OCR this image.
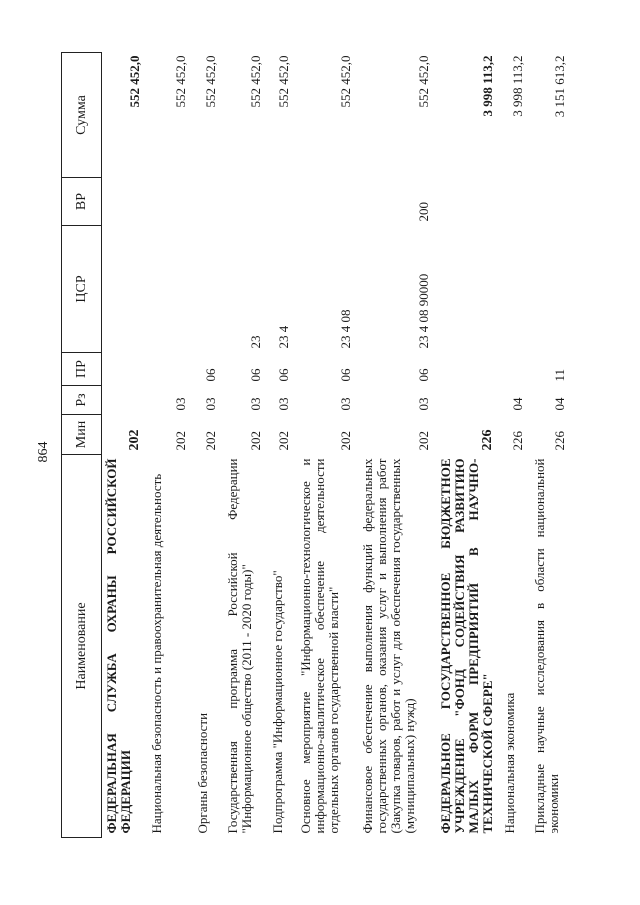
864
Наименование	Мин	Рз	ПР	ЦСР	ВР	Сумма
ФЕДЕРАЛЬНАЯ СЛУЖБА ОХРАНЫ РОССИЙСКОЙ ФЕДЕРАЦИИ	202					552 452,0
Национальная безопасность и правоохранительная деятельность	202	03				552 452,0
Органы безопасности	202	03	06			552 452,0
Государственная программа Российской Федерации "Информационное общество (2011 - 2020 годы)"	202	03	06	23		552 452,0
Подпрограмма "Информационное государство"	202	03	06	23 4		552 452,0
Основное мероприятие "Информационно-технологическое и информационно-аналитическое обеспечение деятельности отдельных органов государственной власти"	202	03	06	23 4 08		552 452,0
Финансовое обеспечение выполнения функций федеральных государственных органов, оказания услуг и выполнения работ (Закупка товаров, работ и услуг для обеспечения государственных (муниципальных) нужд)	202	03	06	23 4 08 90000	200	552 452,0
ФЕДЕРАЛЬНОЕ ГОСУДАРСТВЕННОЕ БЮДЖЕТНОЕ УЧРЕЖДЕНИЕ "ФОНД СОДЕЙСТВИЯ РАЗВИТИЮ МАЛЫХ ФОРМ ПРЕДПРИЯТИЙ В НАУЧНО-ТЕХНИЧЕСКОЙ СФЕРЕ"	226					3 998 113,2
Национальная экономика	226	04				3 998 113,2
Прикладные научные исследования в области национальной экономики	226	04	11			3 151 613,2
